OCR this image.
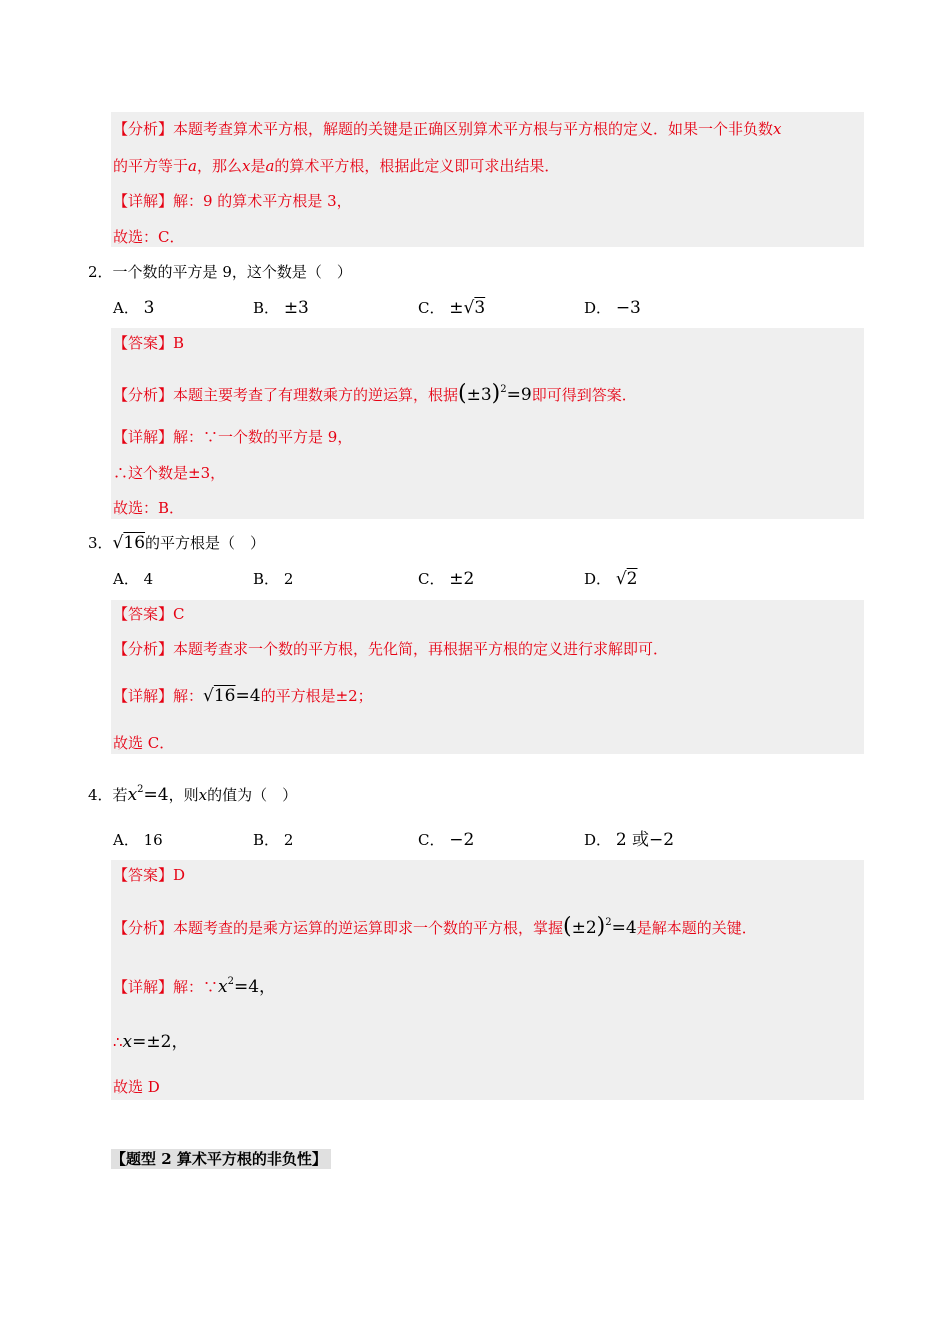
【分析】本题考查算术平方根，解题的关键是正确区别算术平方根与平方根的定义．如果一个非负数x
的平方等于a，那么x是a的算术平方根，根据此定义即可求出结果．
【详解】解：9 的算术平方根是 3，
故选：C．
2．一个数的平方是 9，这个数是（　）
A． 3	B． ±3	C． ±√3	D． −3
【答案】B
【分析】本题主要考查了有理数乘方的逆运算，根据$(\pm 3)^2=9$即可得到答案．
【详解】解：∵一个数的平方是 9，
∴这个数是±3，
故选：B．
3．√16的平方根是（　）
A． 4	B． 2	C． ±2	D． √2
【答案】C
【分析】本题考查求一个数的平方根，先化简，再根据平方根的定义进行求解即可．
【详解】解：√16=4的平方根是±2；
故选 C．
4．若$x^2=4$，则x的值为（　）
A． 16	B． 2	C． −2	D． 2 或−2
【答案】D
【分析】本题考查的是乘方运算的逆运算即求一个数的平方根，掌握$(\pm 2)^2=4$是解本题的关键．
【详解】解：$\because x^2=4$，
∴x=±2，
故选 D
【题型 2 算术平方根的非负性】
